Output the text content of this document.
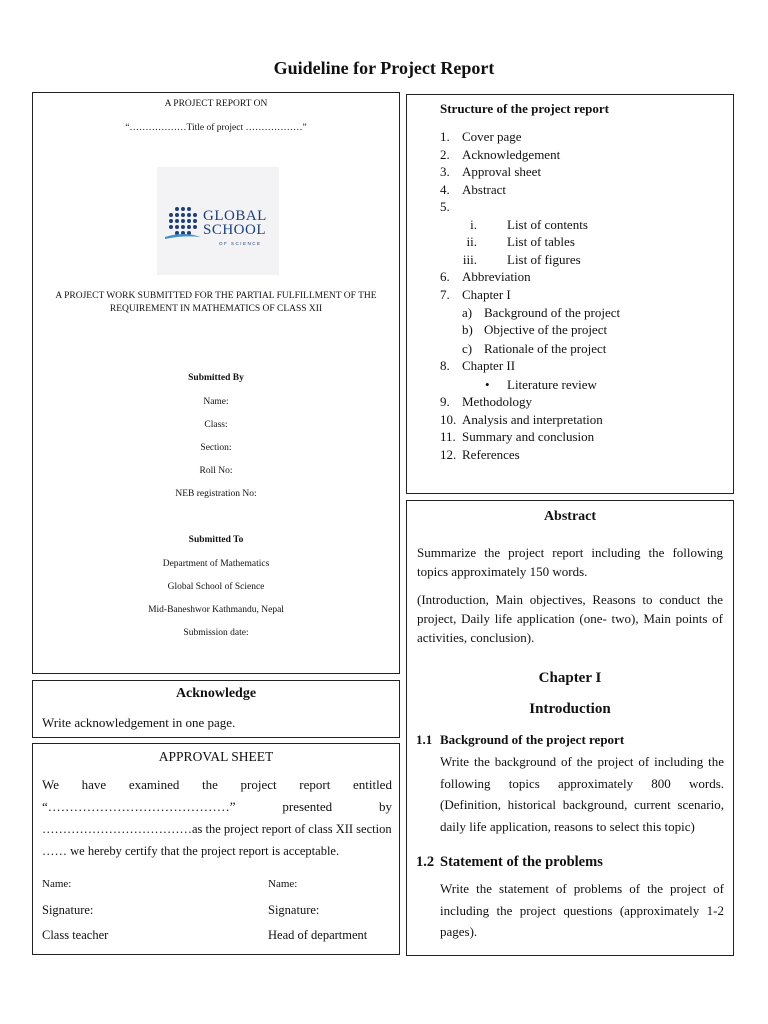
Guideline for Project Report
A PROJECT REPORT ON
“………………Title of project ………………”
GLOBAL
SCHOOL
OF SCIENCE
A PROJECT WORK SUBMITTED FOR THE PARTIAL FULFILLMENT OF THE
REQUIREMENT IN MATHEMATICS OF CLASS XII
Submitted By
Name:
Class:
Section:
Roll No:
NEB registration No:
Submitted To
Department of Mathematics
Global School of Science
Mid-Baneshwor Kathmandu, Nepal
Submission date:
Structure of the project report
1. Cover page
2. Acknowledgement
3. Approval sheet
4. Abstract
5.
i. List of contents
ii. List of tables
iii. List of figures
6. Abbreviation
7. Chapter I
a) Background of the project
b) Objective of the project
c) Rationale of the project
8. Chapter II
• Literature review
9. Methodology
10. Analysis and interpretation
11. Summary and conclusion
12. References
Abstract
Summarize the project report including the following topics approximately 150 words.
(Introduction, Main objectives, Reasons to conduct the project, Daily life application (one- two), Main points of activities, conclusion).
Chapter I
Introduction
1.1 Background of the project report
Write the background of the project of including the following topics approximately 800 words. (Definition, historical background, current scenario, daily life application, reasons to select this topic)
1.2 Statement of the problems
Write the statement of problems of the project of including the project questions (approximately 1-2 pages).
Acknowledge
Write acknowledgement in one page.
APPROVAL SHEET
We have examined the project report entitled
“……………………………………”	presented	by
………………………………as the project report of class XII section
…… we hereby certify that the project report is acceptable.
Name:
Signature:
Class teacher
Name:
Signature:
Head of department
